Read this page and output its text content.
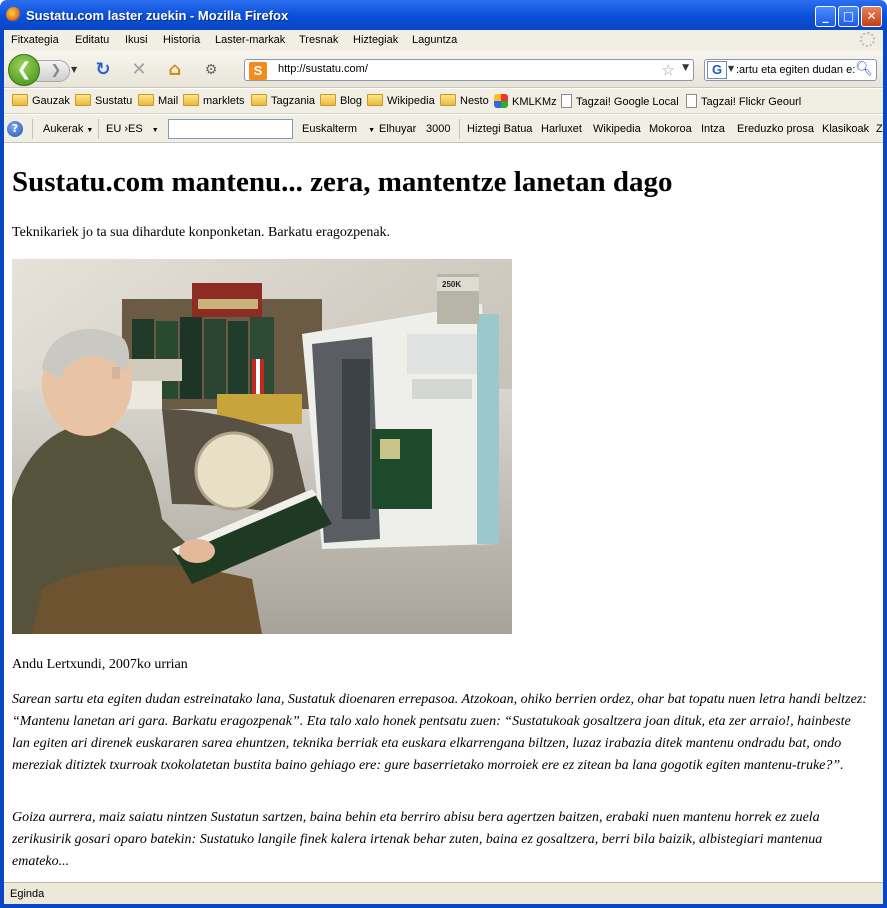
Sustatu.com laster zuekin - Mozilla Firefox	_	□	✕
Fitxategia Editatu Ikusi Historia Laster-markak Tresnak Hiztegiak Laguntza
❯
❮	▼ ↻ ✕ ⌂	⚙	S	http://sustatu.com/	☆ ▼	G ▼
:artu eta egiten dudan e:	🔍︎
Gauzak	Sustatu	Mail	marklets	Tagzania	Blog	Wikipedia	Nesto	KMLKMz	Tagzai! Google Local	Tagzai! Flickr Geourl
?	Aukerak ▼ EU ›ES ▼	Euskalterm ▼ Elhuyar 3000 Hiztegi Batua Harluxet Wikipedia Mokoroa Intza Ereduzko prosa Klasikoak Z
Sustatu.com mantenu... zera, mantentze lanetan dago

Teknikariek jo ta sua dihardute konponketan. Barkatu eragozpenak.

250K

Andu Lertxundi, 2007ko urrian

Sarean sartu eta egiten dudan estreinatako lana, Sustatuk dioenaren errepasoa. Atzokoan, ohiko berrien ordez, ohar bat topatu nuen letra handi beltzez: “Mantenu lanetan ari gara. Barkatu eragozpenak”. Eta talo xalo honek pentsatu zuen: “Sustatukoak gosaltzera joan dituk, eta zer arraio!, hainbeste lan egiten ari direnek euskararen sarea ehuntzen, teknika berriak eta euskara elkarrengana biltzen, luzaz irabazia ditek mantenu ondradu bat, ondo mereziak ditiztek txurroak txokolatetan bustita baino gehiago ere: gure baserrietako morroiek ere ez zitean ba lana gogotik egiten mantenu-truke?”.

Goiza aurrera, maiz saiatu nintzen Sustatun sartzen, baina behin eta berriro abisu bera agertzen baitzen, erabaki nuen mantenu horrek ez zuela zerikusirik gosari oparo batekin: Sustatuko langile finek kalera irtenak behar zuten, baina ez gosaltzera, berri bila baizik, albistegiari mantenua emateko...

Eginda
